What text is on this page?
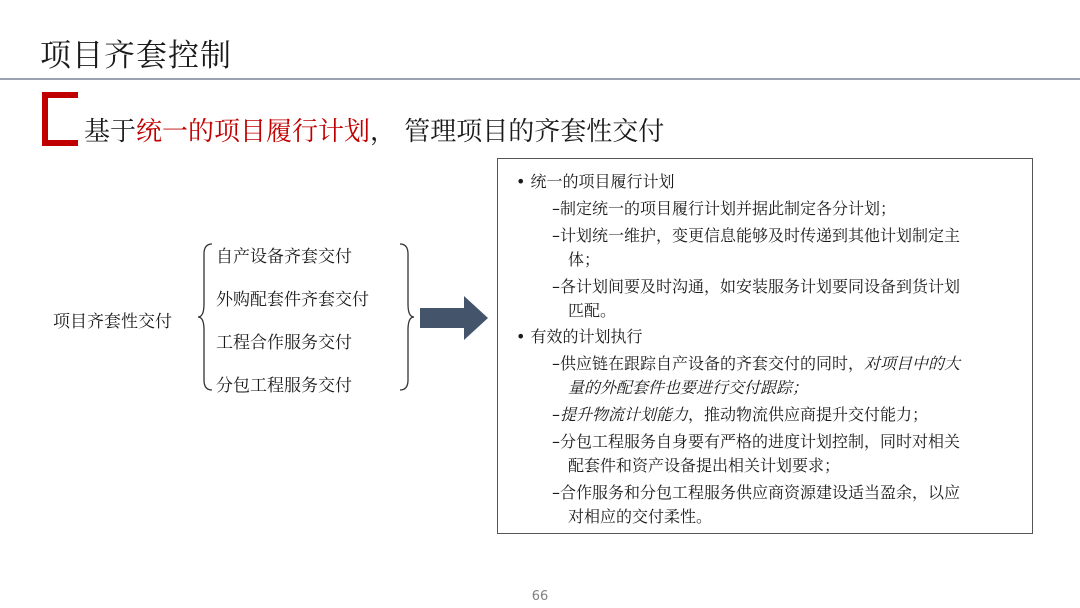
项目齐套控制
基于统一的项目履行计划， 管理项目的齐套性交付
项目齐套性交付
自产设备齐套交付
外购配套件齐套交付
工程合作服务交付
分包工程服务交付
• 统一的项目履行计划
–制定统一的项目履行计划并据此制定各分计划；
–计划统一维护，变更信息能够及时传递到其他计划制定主
体；
–各计划间要及时沟通，如安装服务计划要同设备到货计划
匹配。
• 有效的计划执行
–供应链在跟踪自产设备的齐套交付的同时，对项目中的大
量的外配套件也要进行交付跟踪；
–提升物流计划能力，推动物流供应商提升交付能力；
–分包工程服务自身要有严格的进度计划控制，同时对相关
配套件和资产设备提出相关计划要求；
–合作服务和分包工程服务供应商资源建设适当盈余，以应
对相应的交付柔性。
66
